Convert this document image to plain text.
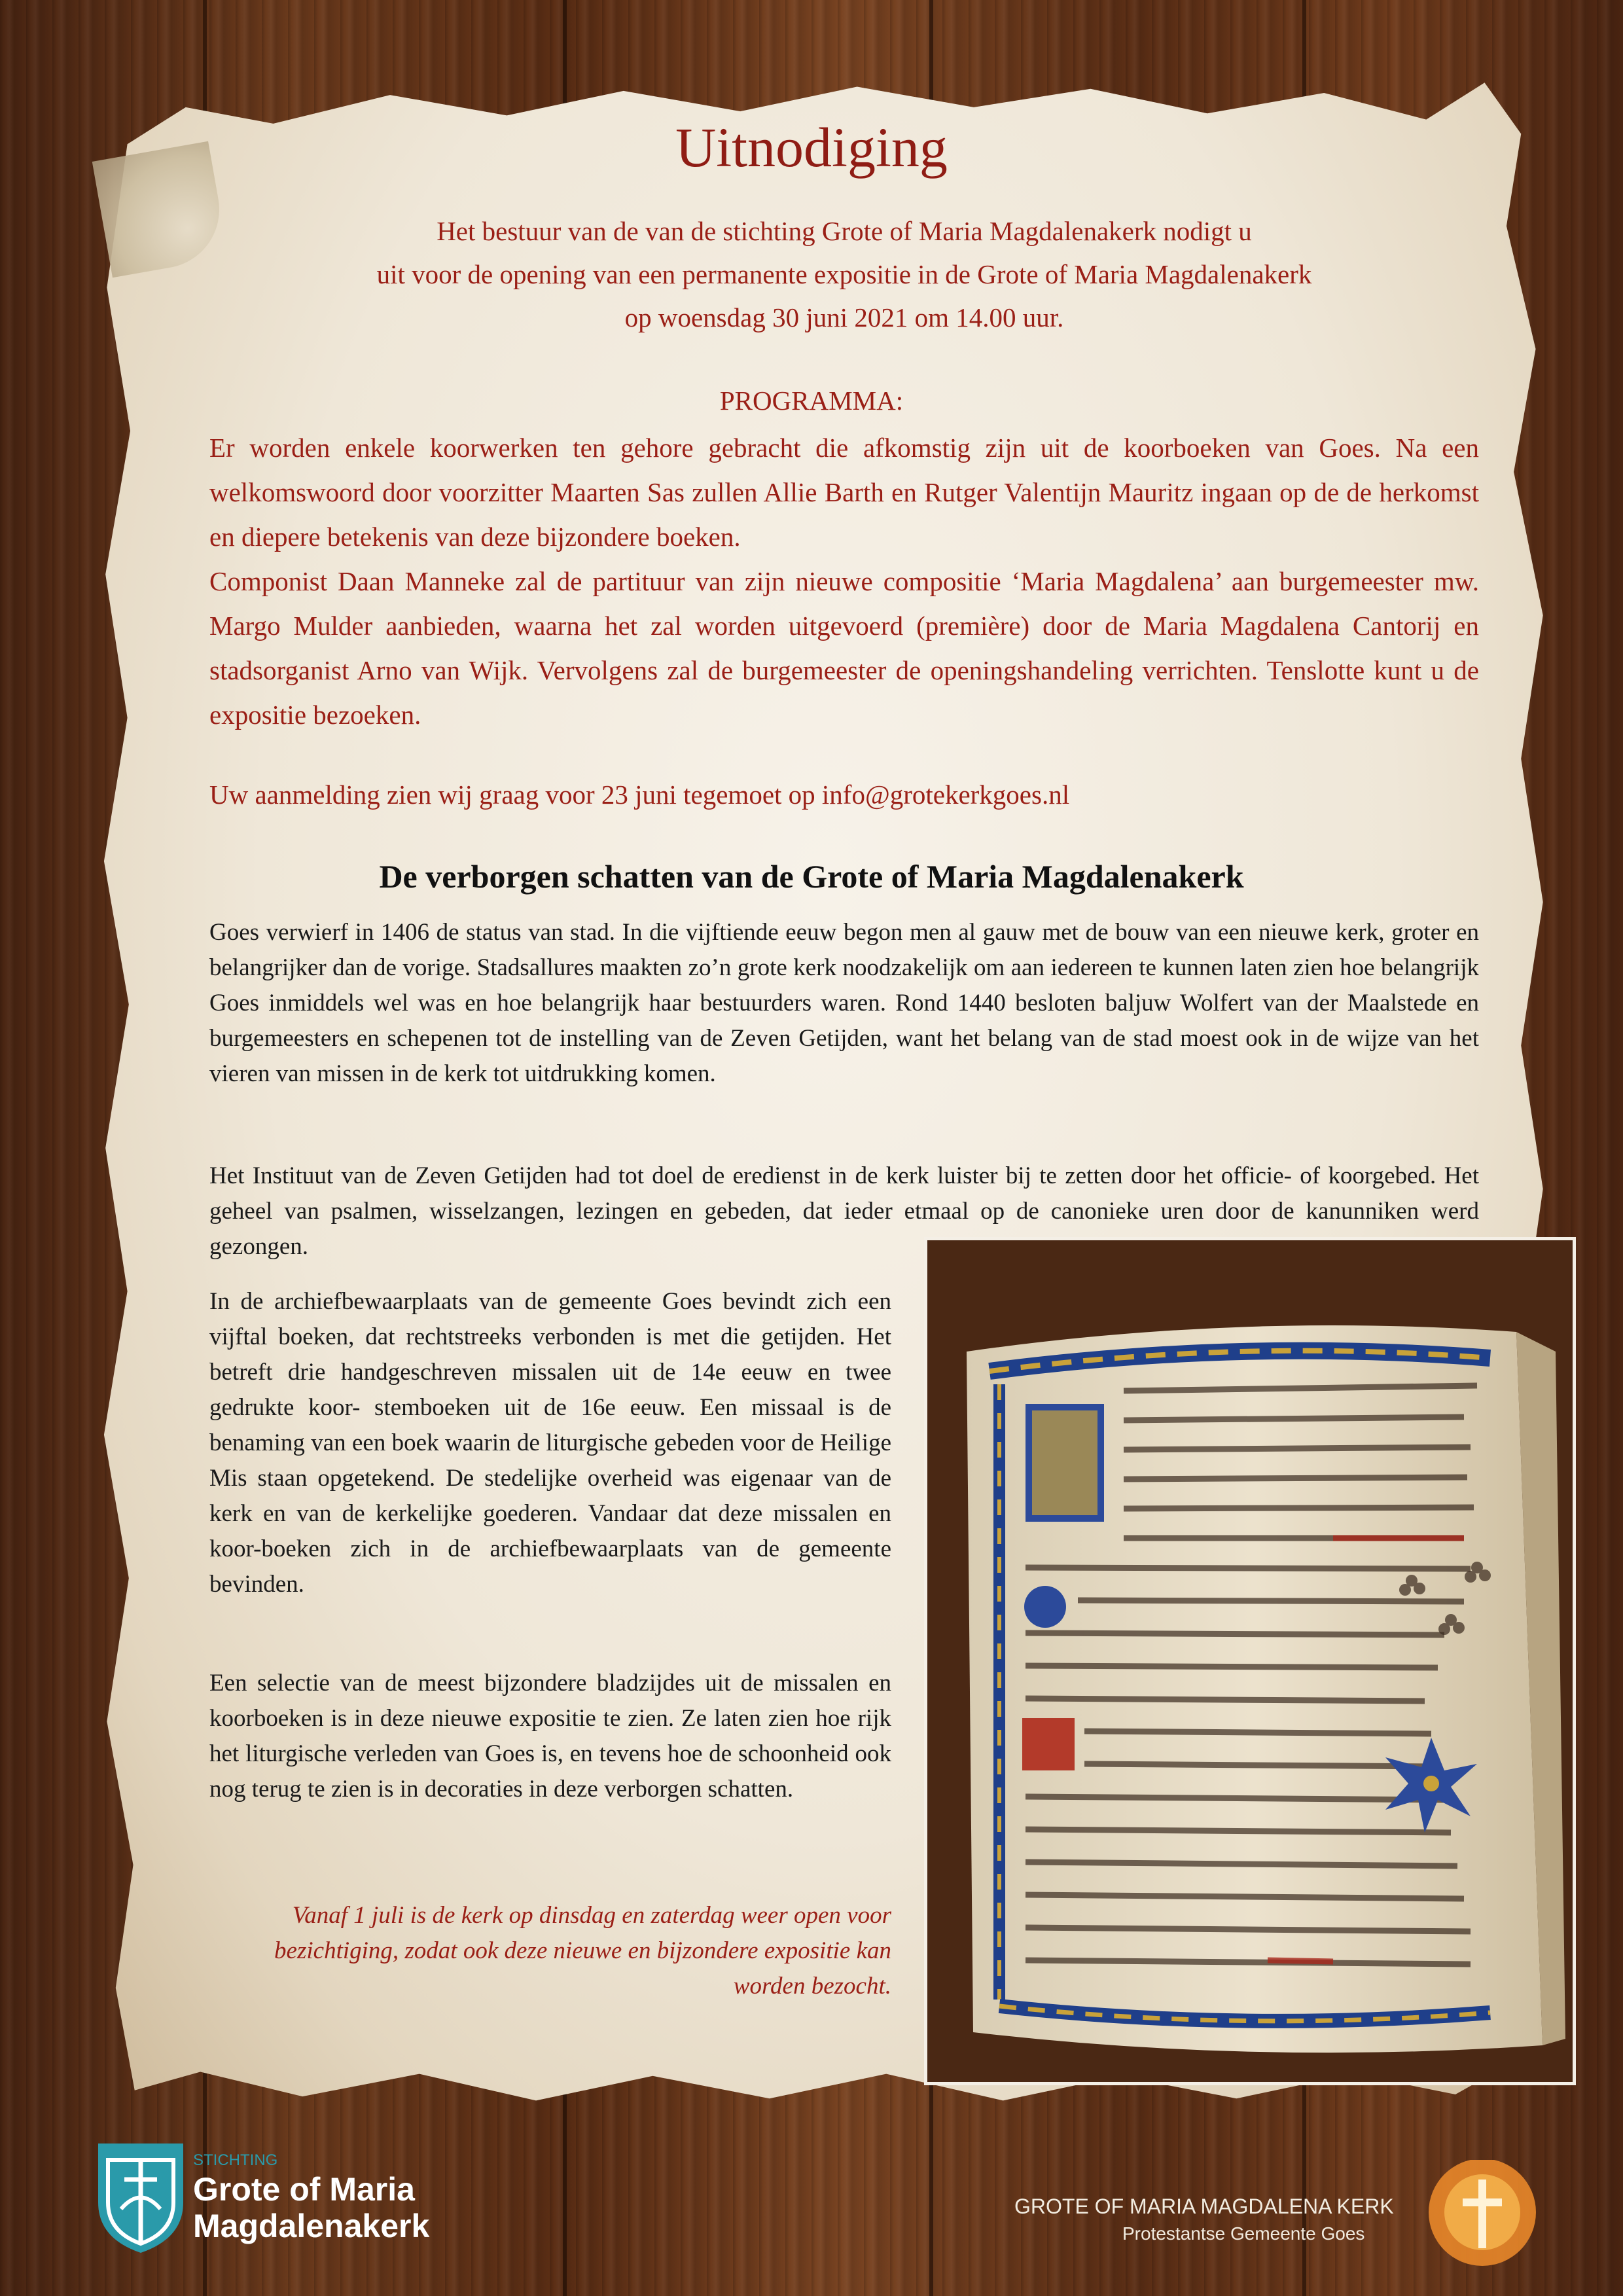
Uitnodiging
Het bestuur van de van de stichting Grote of Maria Magdalenakerk nodigt u
uit voor de opening van een permanente expositie in de Grote of Maria Magdalenakerk
op woensdag 30 juni 2021 om 14.00 uur.
PROGRAMMA:

Er worden enkele koorwerken ten gehore gebracht die afkomstig zijn uit de koorboeken van Goes. Na een welkomswoord door voorzitter Maarten Sas zullen Allie Barth en Rutger Valentijn Mauritz ingaan op de de herkomst en diepere betekenis van deze bijzondere boeken.

Componist Daan Manneke zal de partituur van zijn nieuwe compositie ‘Maria Magdalena’ aan burgemeester mw. Margo Mulder aanbieden, waarna het zal worden uitgevoerd (première) door de Maria Magdalena Cantorij en stadsorganist Arno van Wijk. Vervolgens zal de burgemeester de openingshandeling verrichten. Tenslotte kunt u de expositie bezoeken.

Uw aanmelding zien wij graag voor 23 juni tegemoet op info@grotekerkgoes.nl
De verborgen schatten van de Grote of Maria Magdalenakerk

Goes verwierf in 1406 de status van stad. In die vijftiende eeuw begon men al gauw met de bouw van een nieuwe kerk, groter en belangrijker dan de vorige. Stadsallures maakten zo’n grote kerk noodzakelijk om aan iedereen te kunnen laten zien hoe belangrijk Goes inmiddels wel was en hoe belangrijk haar bestuurders waren. Rond 1440 besloten baljuw Wolfert van der Maalstede en burgemeesters en schepenen tot de instelling van de Zeven Getijden, want het belang van de stad moest ook in de wijze van het vieren van missen in de kerk tot uitdrukking komen.

Het Instituut van de Zeven Getijden had tot doel de eredienst in de kerk luister bij te zetten door het officie- of koorgebed. Het geheel van psalmen, wisselzangen, lezingen en gebeden, dat ieder etmaal op de canonieke uren door de kanunniken werd gezongen.

In de archiefbewaarplaats van de gemeente Goes bevindt zich een vijftal boeken, dat rechtstreeks verbonden is met die getijden. Het betreft drie handgeschreven missalen uit de 14e eeuw en twee gedrukte koor- stemboeken uit de 16e eeuw. Een missaal is de benaming van een boek waarin de liturgische gebeden voor de Heilige Mis staan opgetekend. De stedelijke overheid was eigenaar van de kerk en van de kerkelijke goederen. Vandaar dat deze missalen en koor-boeken zich in de archiefbewaarplaats van de gemeente bevinden.

Een selectie van de meest bijzondere bladzijdes uit de missalen en koorboeken is in deze nieuwe expositie te zien. Ze laten zien hoe rijk het liturgische verleden van Goes is, en tevens hoe de schoonheid ook nog terug te zien is in decoraties in deze verborgen schatten.

Vanaf 1 juli is de kerk op dinsdag en zaterdag weer open voor bezichtiging, zodat ook deze nieuwe en bijzondere expositie kan worden bezocht.
STICHTING
Grote of Maria
Magdalenakerk
GROTE OF MARIA MAGDALENA KERK
Protestantse Gemeente Goes
